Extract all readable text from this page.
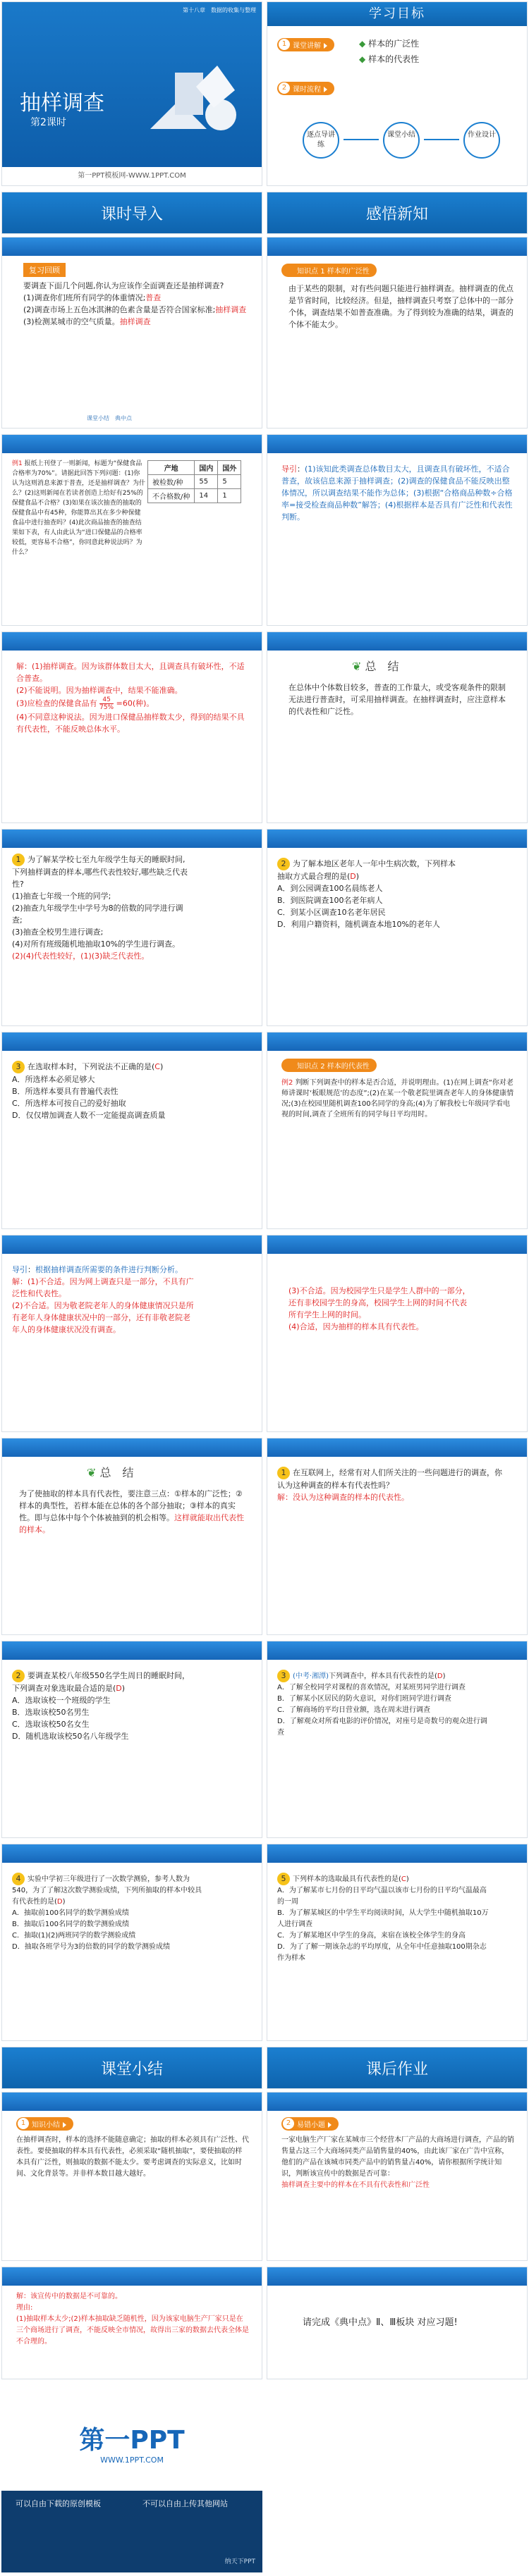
第十八章　数据的收集与整理
抽样调查
第2课时
第一PPT模板网-WWW.1PPT.COM
学习目标
1 课堂讲解	◆ 样本的广泛性
◆ 样本的代表性
2 课时流程
逐点导讲练
课堂小结	作业设计
课时导入	感悟新知
复习回顾
要调查下面几个问题,你认为应该作全面调查还是抽样调查?
(1)调查你们班所有同学的体重情况;普查
(2)调查市场上五色冰淇淋的色素含量是否符合国家标准;抽样调查
(3)检测某城市的空气质量。抽样调查
课堂小结　典中点
知识点 1 样本的广泛性
由于某些的限制，对有些问题只能进行抽样调查。抽样调查的优点是节省时间，比较经济。但是，抽样调查只考察了总体中的一部分个体，调查结果不如普查准确。为了得到较为准确的结果，调查的个体不能太少。
例1 报纸上刊登了一则新闻，标题为“保健食品合格率为70%”。请据此回答下列问题：(1)你认为这则消息来源于普查，还是抽样调查？为什么？(2)这则新闻在若读者创造上给好有25%的保健食品不合格？(3)如果在该次抽查的抽取的保健食品中有45种，你能算出其在多少种保健食品中进行抽查吗？(4)此次商品抽查的抽查结果如下表，有人由此认为“进口保健品的合格率较低，更容易不合格”，你同意此种说法吗？为什么？
产地	国内	国外
被检数/种	55	5
不合格数/种	14	1
导引：(1)该知此类调查总体数目太大，且调查具有破坏性，不适合普查，故该信息来源于抽样调查；(2)调查的保健食品不能反映出整体情况，所以调查结果不能作为总体；(3)根据“合格商品种数÷合格率=接受检查商品种数”解答；(4)根据样本是否具有广泛性和代表性判断。
解：(1)抽样调查。因为该群体数目太大，且调查具有破坏性，不适合普查。
(2)不能说明。因为抽样调查中，结果不能准确。
(3)应检查的保健食品有 $\frac{45}{75\%} =60$(种)。
(4)不同意这种说法。因为进口保健品抽样数太少，得到的结果不具有代表性，不能反映总体水平。
❦ 总　结
在总体中个体数目较多，普查的工作量大，或受客观条件的限制无法进行普查时，可采用抽样调查。在抽样调查时，应注意样本的代表性和广泛性。
1 为了解某学校七至九年级学生每天的睡眠时间,下列抽样调查的样本,哪些代表性较好,哪些缺乏代表性?
(1)抽查七年级一个班的同学;
(2)抽查九年级学生中学号为8的倍数的同学进行调查;
(3)抽查全校男生进行调查;
(4)对所有班级随机地抽取10%的学生进行调查。
(2)(4)代表性较好，(1)(3)缺乏代表性。
2 为了解本地区老年人一年中生病次数，下列样本抽取方式最合理的是(D)
A．到公园调查100名晨练老人
B．到医院调查100名老年病人
C．到某小区调查10名老年居民
D．利用户籍资料，随机调查本地10%的老年人
3 在选取样本时，下列说法不正确的是(C)
A．所选样本必须足够大
B．所选样本要具有普遍代表性
C．所选样本可按自己的爱好抽取
D．仅仅增加调查人数不一定能提高调查质量
知识点 2 样本的代表性
例2 判断下列调查中的样本是否合适，并说明理由。(1)在网上调查“你对老师讲课时‘板眼规范’的态度”;(2)在某一个敬老院里调查老年人的身体健康情况;(3)在校园里随机调查100名同学的身高;(4)为了解我校七年级同学看电视的时间,调查了全班所有的同学每日平均用时。
导引：根据抽样调查所需要的条件进行判断分析。
解：(1)不合适。因为网上调查只是一部分，不具有广泛性和代表性。
(2)不合适。因为敬老院老年人的身体健康情况只是所有老年人身体健康状况中的一部分，还有非敬老院老年人的身体健康状况没有调查。
(3)不合适。因为校园学生只是学生人群中的一部分，还有非校园学生的身高，校园学生上网的时间不代表所有学生上网的时间。
(4)合适，因为抽样的样本具有代表性。
❦ 总　结
为了使抽取的样本具有代表性，要注意三点：①样本的广泛性；②样本的典型性，若样本能在总体的各个部分抽取；③样本的真实性。即与总体中每个个体被抽到的机会相等。这样就能取出代表性的样本。
1 在互联网上，经常有对人们所关注的一些问题进行的调查，你认为这种调查的样本有代表性吗？
解：没认为这种调查的样本的代表性。
2 要调查某校八年级550名学生周日的睡眠时间，下列调查对象选取最合适的是(D)
A．选取该校一个班级的学生
B．选取该校50名男生
C．选取该校50名女生
D．随机选取该校50名八年级学生
3 (中考·湘潭)下列调查中，样本具有代表性的是(D)
A．了解全校同学对课程的喜欢情况，对某班男同学进行调查
B．了解某小区居民的防火意识，对你们班同学进行调查
C．了解商场的平均日营业额，选在周末进行调查
D．了解观众对所看电影的评价情况，对座号是奇数号的观众进行调查
4 实验中学初三年级进行了一次数学测验，参考人数为540，为了了解这次数学测验成绩，下列所抽取的样本中较具有代表性的是(D)
A．抽取前100名同学的数学测验成绩
B．抽取后100名同学的数学测验成绩
C．抽取(1)(2)两班同学的数学测验成绩
D．抽取各班学号为3的倍数的同学的数学测验成绩
5 下列样本的选取最具有代表性的是(C)
A．为了解某市七月份的日平均气温以该市七月份的日平均气温最高的一周
B．为了解某城区的中学生平均阅读时间，从大学生中随机抽取10万人进行调查
C．为了解某地区中学生的身高，来宿在该校全体学生的身高
D．为了了解一期该杂志的平均厚度，从全年中任意抽取100期杂志作为样本
课堂小结	课后作业
1 知识小结
在抽样调查时，样本的选择不能随意确定；抽取的样本必须具有广泛性、代表性。要使抽取的样本具有代表性，必须采取“随机抽取”，要使抽取的样本具有广泛性，则抽取的数据不能太少。要考虑调查的实际意义，比如时间、文化背景等。并非样本数目越大越好。
2 易错小题
一家电脑生产厂家在某城市三个经营本厂产品的大商场进行调查，产品的销售量占这三个大商场同类产品销售量的40%，由此该厂家在广告中宣称，他们的产品在该城市同类产品中的销售量占40%，请你根据所学统计知识，判断该宣传中的数据是否可靠：
抽样调查主要中的样本在不具有代表性和广泛性
解：该宣传中的数据是不可靠的。
理由:
(1)抽取样本太少;(2)样本抽取缺乏随机性，因为该家电脑生产厂家只是在三个商场进行了调查，不能反映全市情况，故得出三家的数据去代表全体是不合理的。
请完成《典中点》Ⅱ、Ⅲ板块 对应习题!
第一PPT
WWW.1PPT.COM
可以自由下载的原创模板	不可以自由上传其他网站
纳天下PPT
